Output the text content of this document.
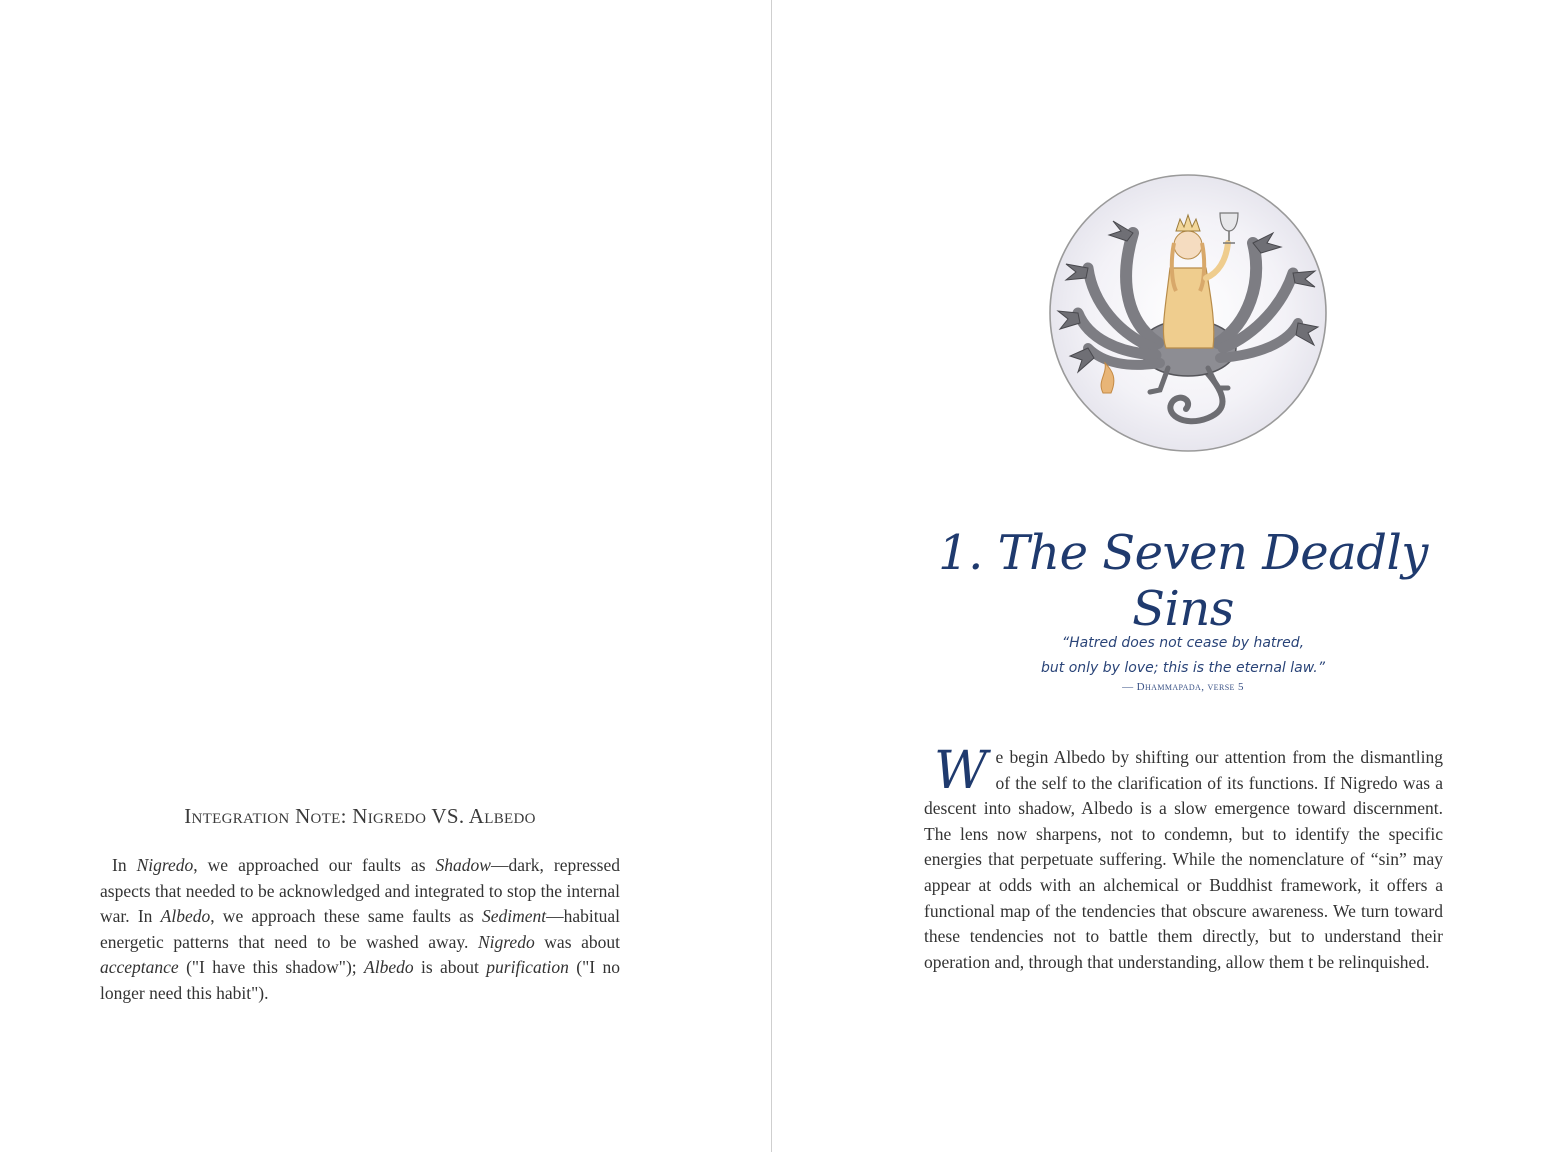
Integration Note: Nigredo VS. Albedo

In Nigredo, we approached our faults as Shadow—dark, repressed aspects that needed to be acknowledged and integrated to stop the internal war. In Albedo, we approach these same faults as Sediment—habitual energetic patterns that need to be washed away. Nigredo was about acceptance ("I have this shadow"); Albedo is about purification ("I no longer need this habit").

1. The Seven Deadly Sins
“Hatred does not cease by hatred,
but only by love; this is the eternal law.”
— Dhammapada, verse 5

We begin Albedo by shifting our attention from the dismantling of the self to the clarification of its functions. If Nigredo was a descent into shadow, Albedo is a slow emergence toward discernment. The lens now sharpens, not to condemn, but to identify the specific energies that perpetuate suffering. While the nomenclature of “sin” may appear at odds with an alchemical or Buddhist framework, it offers a functional map of the tendencies that obscure awareness. We turn toward these tendencies not to battle them directly, but to understand their operation and, through that understanding, allow them t be relinquished.
